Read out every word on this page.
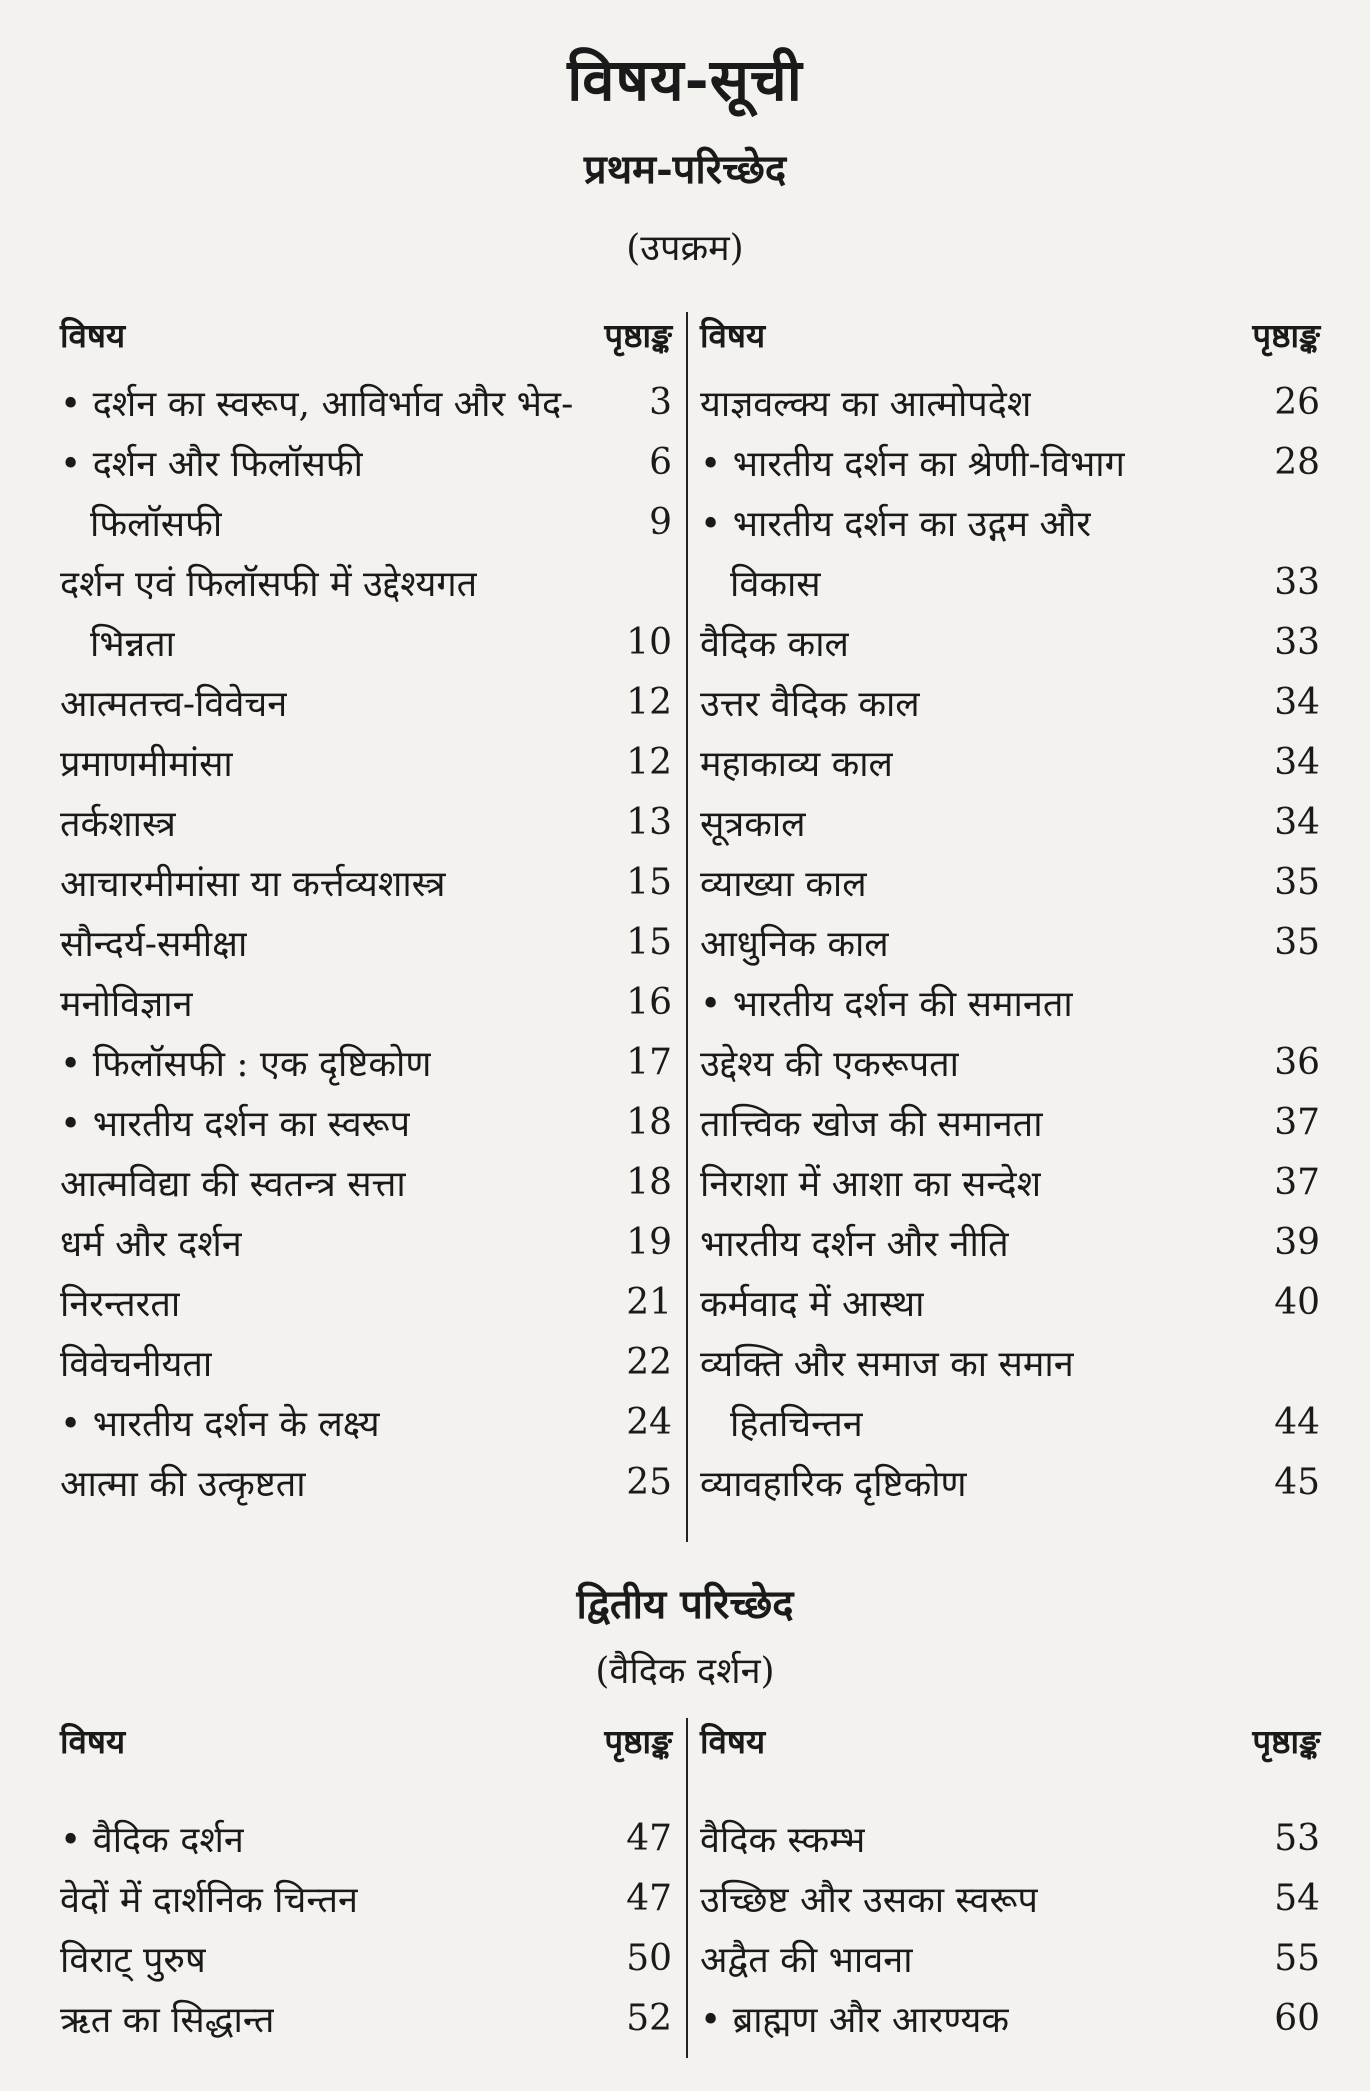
विषय-सूची
प्रथम-परिच्छेद
(उपक्रम)
विषय	पृष्ठाङ्क
• दर्शन का स्वरूप, आविर्भाव और भेद-	3
• दर्शन और फिलॉसफी	6
फिलॉसफी	9
दर्शन एवं फिलॉसफी में उद्देश्यगत
भिन्नता	10
आत्मतत्त्व-विवेचन	12
प्रमाणमीमांसा	12
तर्कशास्त्र	13
आचारमीमांसा या कर्त्तव्यशास्त्र	15
सौन्दर्य-समीक्षा	15
मनोविज्ञान	16
• फिलॉसफी : एक दृष्टिकोण	17
• भारतीय दर्शन का स्वरूप	18
आत्मविद्या की स्वतन्त्र सत्ता	18
धर्म और दर्शन	19
निरन्तरता	21
विवेचनीयता	22
• भारतीय दर्शन के लक्ष्य	24
आत्मा की उत्कृष्टता	25
विषय	पृष्ठाङ्क
याज्ञवल्क्य का आत्मोपदेश	26
• भारतीय दर्शन का श्रेणी-विभाग	28
• भारतीय दर्शन का उद्गम और
विकास	33
वैदिक काल	33
उत्तर वैदिक काल	34
महाकाव्य काल	34
सूत्रकाल	34
व्याख्या काल	35
आधुनिक काल	35
• भारतीय दर्शन की समानता
उद्देश्य की एकरूपता	36
तात्त्विक खोज की समानता	37
निराशा में आशा का सन्देश	37
भारतीय दर्शन और नीति	39
कर्मवाद में आस्था	40
व्यक्ति और समाज का समान
हितचिन्तन	44
व्यावहारिक दृष्टिकोण	45
द्वितीय परिच्छेद
(वैदिक दर्शन)
विषय	पृष्ठाङ्क
• वैदिक दर्शन	47
वेदों में दार्शनिक चिन्तन	47
विराट् पुरुष	50
ऋत का सिद्धान्त	52
विषय	पृष्ठाङ्क
वैदिक स्कम्भ	53
उच्छिष्ट और उसका स्वरूप	54
अद्वैत की भावना	55
• ब्राह्मण और आरण्यक	60
